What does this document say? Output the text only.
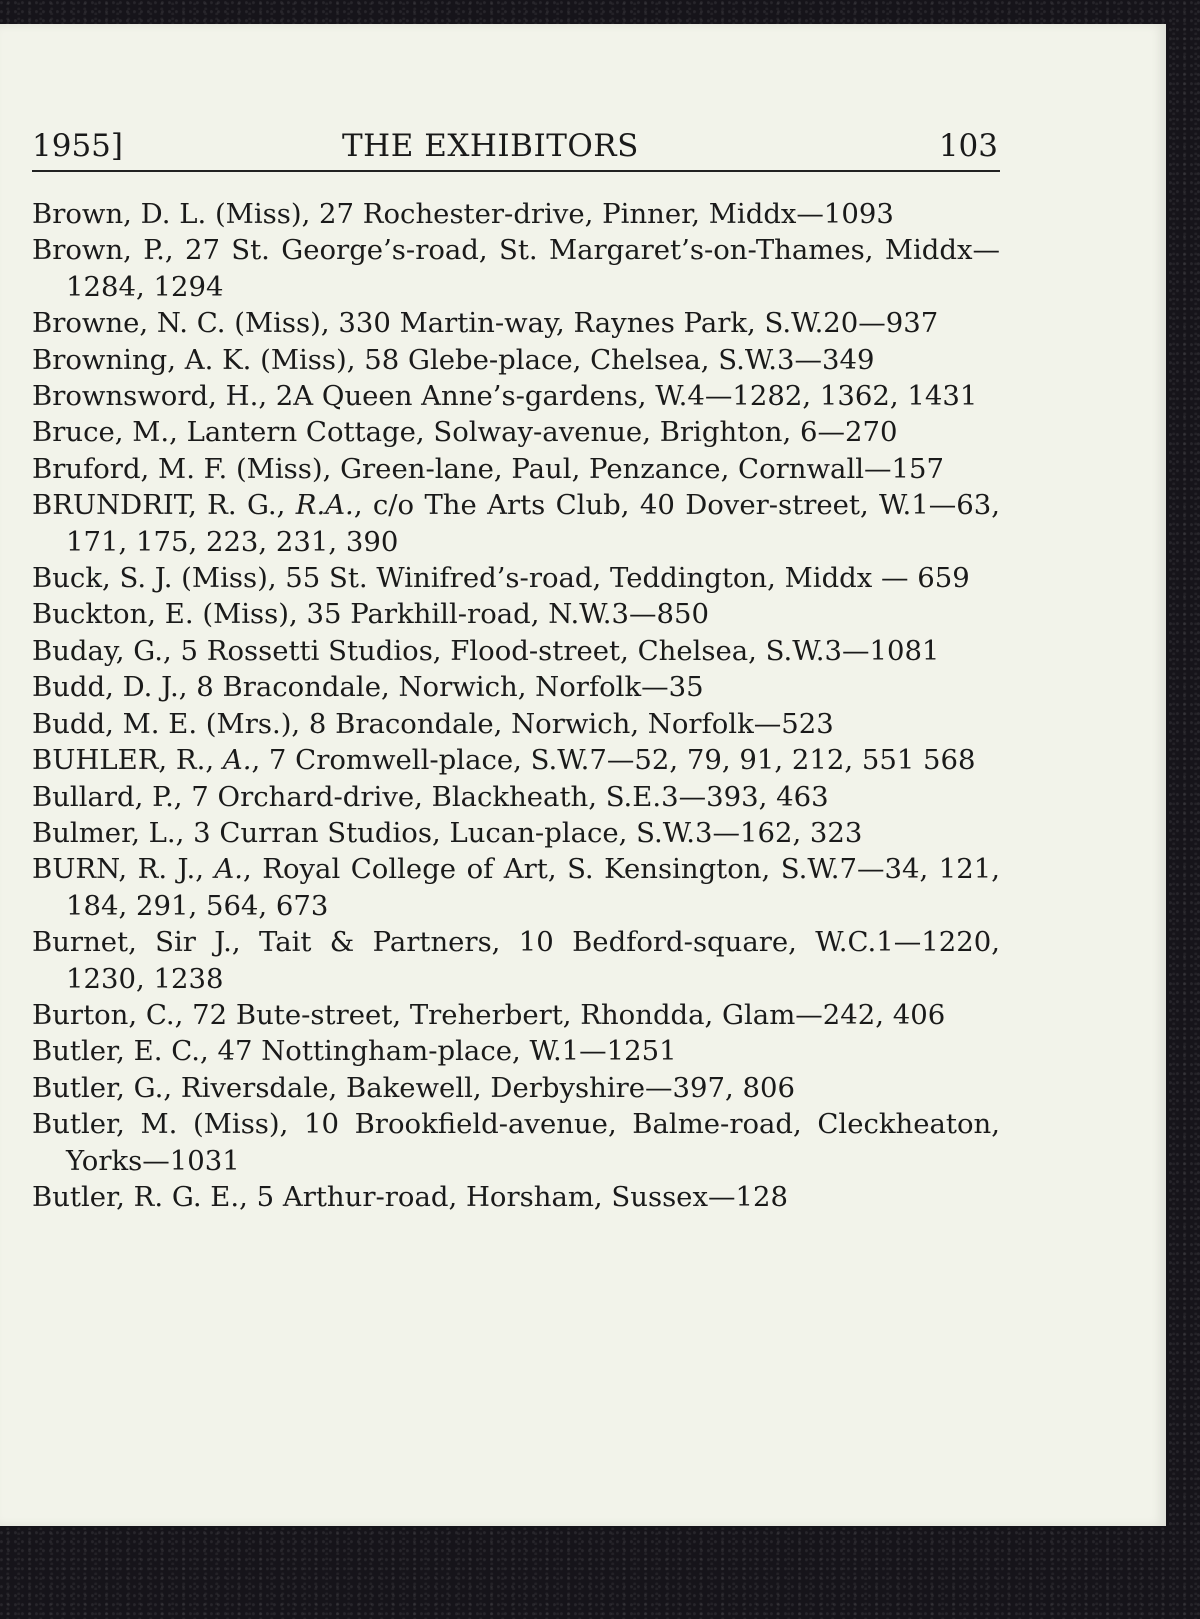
1955]	THE EXHIBITORS	103
Brown, D. L. (Miss), 27 Rochester-drive, Pinner, Middx—1093
Brown, P., 27 St. George’s-road, St. Margaret’s-on-Thames, Middx—1284, 1294
Browne, N. C. (Miss), 330 Martin-way, Raynes Park, S.W.20—937
Browning, A. K. (Miss), 58 Glebe-place, Chelsea, S.W.3—349
Brownsword, H., 2A Queen Anne’s-gardens, W.4—1282, 1362, 1431
Bruce, M., Lantern Cottage, Solway-avenue, Brighton, 6—270
Bruford, M. F. (Miss), Green-lane, Paul, Penzance, Cornwall—157
BRUNDRIT, R. G., R.A., c/o The Arts Club, 40 Dover-street, W.1—63, 171, 175, 223, 231, 390
Buck, S. J. (Miss), 55 St. Winifred’s-road, Teddington, Middx — 659
Buckton, E. (Miss), 35 Parkhill-road, N.W.3—850
Buday, G., 5 Rossetti Studios, Flood-street, Chelsea, S.W.3—1081
Budd, D. J., 8 Bracondale, Norwich, Norfolk—35
Budd, M. E. (Mrs.), 8 Bracondale, Norwich, Norfolk—523
BUHLER, R., A., 7 Cromwell-place, S.W.7—52, 79, 91, 212, 551 568
Bullard, P., 7 Orchard-drive, Blackheath, S.E.3—393, 463
Bulmer, L., 3 Curran Studios, Lucan-place, S.W.3—162, 323
BURN, R. J., A., Royal College of Art, S. Kensington, S.W.7—34, 121, 184, 291, 564, 673
Burnet, Sir J., Tait & Partners, 10 Bedford-square, W.C.1—1220, 1230, 1238
Burton, C., 72 Bute-street, Treherbert, Rhondda, Glam—242, 406
Butler, E. C., 47 Nottingham-place, W.1—1251
Butler, G., Riversdale, Bakewell, Derbyshire—397, 806
Butler, M. (Miss), 10 Brookfield-avenue, Balme-road, Cleckheaton, Yorks—1031
Butler, R. G. E., 5 Arthur-road, Horsham, Sussex—128
